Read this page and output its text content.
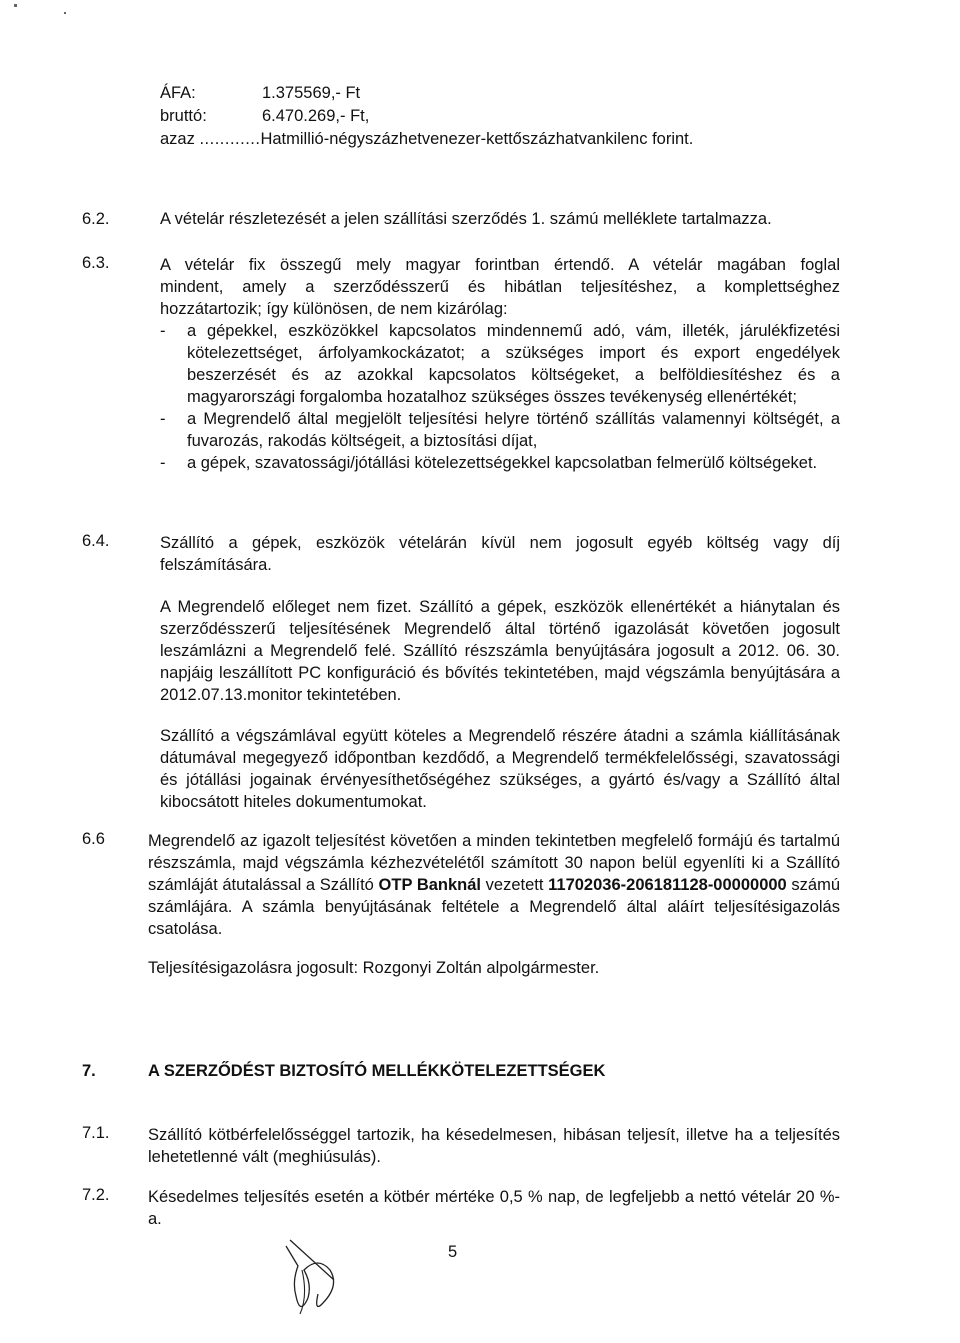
ÁFA:	1.375569,- Ft
bruttó:	6.470.269,- Ft,
azaz ............Hatmillió-négyszázhetvenezer-kettőszázhatvankilenc forint.
6.2.	A vételár részletezését a jelen szállítási szerződés 1. számú melléklete tartalmazza.
6.3.	A vételár fix összegű mely magyar forintban értendő. A vételár magában foglal
mindent, amely a szerződésszerű és hibátlan teljesítéshez, a komplettséghez
hozzátartozik; így különösen, de nem kizárólag:
- a gépekkel, eszközökkel kapcsolatos mindennemű adó, vám, illeték, járulékfizetési kötelezettséget, árfolyamkockázatot; a szükséges import és export engedélyek beszerzését és az azokkal kapcsolatos költségeket, a belföldiesítéshez és a magyarországi forgalomba hozatalhoz szükséges összes tevékenység ellenértékét;
- a Megrendelő által megjelölt teljesítési helyre történő szállítás valamennyi költségét, a fuvarozás, rakodás költségeit, a biztosítási díjat,
- a gépek, szavatossági/jótállási kötelezettségekkel kapcsolatban felmerülő költségeket.
6.4.	Szállító a gépek, eszközök vételárán kívül nem jogosult egyéb költség vagy díj felszámítására.
A Megrendelő előleget nem fizet. Szállító a gépek, eszközök ellenértékét a hiánytalan és szerződésszerű teljesítésének Megrendelő által történő igazolását követően jogosult leszámlázni a Megrendelő felé. Szállító részszámla benyújtására jogosult a 2012. 06. 30. napjáig leszállított PC konfiguráció és bővítés tekintetében, majd végszámla benyújtására a 2012.07.13.monitor tekintetében.
Szállító a végszámlával együtt köteles a Megrendelő részére átadni a számla kiállításának dátumával megegyező időpontban kezdődő, a Megrendelő termékfelelősségi, szavatossági és jótállási jogainak érvényesíthetőségéhez szükséges, a gyártó és/vagy a Szállító által kibocsátott hiteles dokumentumokat.
6.6	Megrendelő az igazolt teljesítést követően a minden tekintetben megfelelő formájú és tartalmú részszámla, majd végszámla kézhezvételétől számított 30 napon belül egyenlíti ki a Szállító számláját átutalással a Szállító OTP Banknál vezetett 11702036-206181128-00000000 számú számlájára. A számla benyújtásának feltétele a Megrendelő által aláírt teljesítésigazolás csatolása.
Teljesítésigazolásra jogosult: Rozgonyi Zoltán alpolgármester.
7.	A SZERZŐDÉST BIZTOSÍTÓ MELLÉKKÖTELEZETTSÉGEK
7.1. Szállító kötbérfelelősséggel tartozik, ha késedelmesen, hibásan teljesít, illetve ha a teljesítés lehetetlenné vált (meghiúsulás).
7.2. Késedelmes teljesítés esetén a kötbér mértéke 0,5 % nap, de legfeljebb a nettó vételár 20 %-a.
5
